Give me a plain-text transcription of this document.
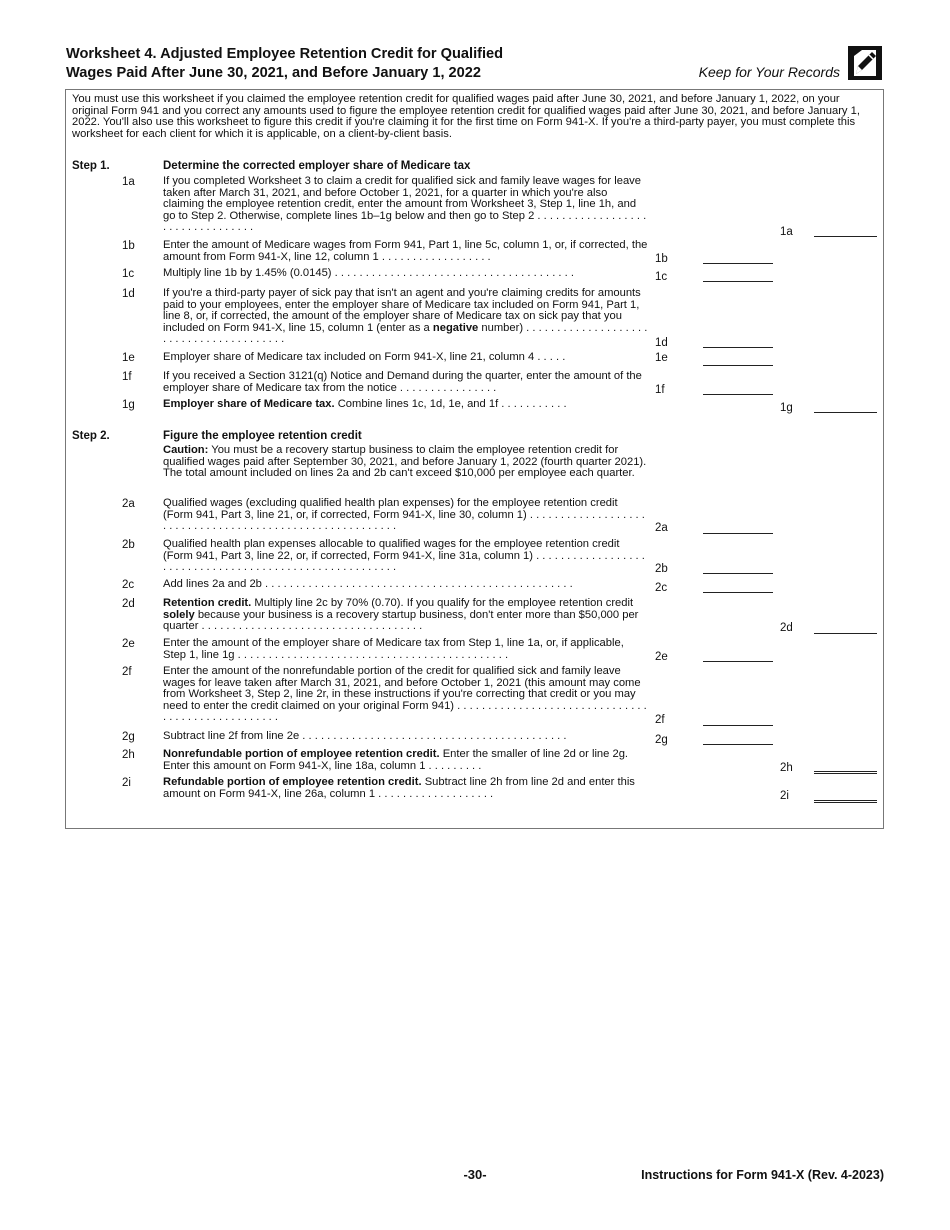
Worksheet 4. Adjusted Employee Retention Credit for Qualified
Wages Paid After June 30, 2021, and Before January 1, 2022	Keep for Your Records
You must use this worksheet if you claimed the employee retention credit for qualified wages paid after June 30, 2021, and before January 1, 2022, on your original Form 941 and you correct any amounts used to figure the employee retention credit for qualified wages paid after June 30, 2021, and before January 1, 2022. You'll also use this worksheet to figure this credit if you're claiming it for the first time on Form 941-X. If you're a third-party payer, you must complete this worksheet for each client for which it is applicable, on a client-by-client basis.
Step 1.	Determine the corrected employer share of Medicare tax
1a	If you completed Worksheet 3 to claim a credit for qualified sick and family leave wages for leave taken after March 31, 2021, and before October 1, 2021, for a quarter in which you're also claiming the employee retention credit, enter the amount from Worksheet 3, Step 1, line 1h, and go to Step 2. Otherwise, complete lines 1b–1g below and then go to Step 2 . . . . . . . . . . . . . . . . . . . . . . . . . . . . . . . . .	1a
1b	Enter the amount of Medicare wages from Form 941, Part 1, line 5c, column 1, or, if corrected, the amount from Form 941-X, line 12, column 1 . . . . . . . . . . . . . . . . . .	1b
1c	Multiply line 1b by 1.45% (0.0145) . . . . . . . . . . . . . . . . . . . . . . . . . . . . . . . . . . . . . . .	1c
1d	If you're a third-party payer of sick pay that isn't an agent and you're claiming credits for amounts paid to your employees, enter the employer share of Medicare tax included on Form 941, Part 1, line 8, or, if corrected, the amount of the employer share of Medicare tax on sick pay that you included on Form 941-X, line 15, column 1 (enter as a negative number) . . . . . . . . . . . . . . . . . . . . . . . . . . . . . . . . . . . . . . . .	1d
1e	Employer share of Medicare tax included on Form 941-X, line 21, column 4 . . . . .	1e
1f	If you received a Section 3121(q) Notice and Demand during the quarter, enter the amount of the employer share of Medicare tax from the notice . . . . . . . . . . . . . . . .	1f
1g	Employer share of Medicare tax. Combine lines 1c, 1d, 1e, and 1f . . . . . . . . . . .	1g
Step 2.	Figure the employee retention credit
Caution: You must be a recovery startup business to claim the employee retention credit for qualified wages paid after September 30, 2021, and before January 1, 2022 (fourth quarter 2021). The total amount included on lines 2a and 2b can't exceed $10,000 per employee each quarter.
2a	Qualified wages (excluding qualified health plan expenses) for the employee retention credit (Form 941, Part 3, line 21, or, if corrected, Form 941-X, line 30, column 1) . . . . . . . . . . . . . . . . . . . . . . . . . . . . . . . . . . . . . . . . . . . . . . . . . . . . . . . . .	2a
2b	Qualified health plan expenses allocable to qualified wages for the employee retention credit (Form 941, Part 3, line 22, or, if corrected, Form 941-X, line 31a, column 1) . . . . . . . . . . . . . . . . . . . . . . . . . . . . . . . . . . . . . . . . . . . . . . . . . . . . . . . .	2b
2c	Add lines 2a and 2b . . . . . . . . . . . . . . . . . . . . . . . . . . . . . . . . . . . . . . . . . . . . . . . . . .	2c
2d	Retention credit. Multiply line 2c by 70% (0.70). If you qualify for the employee retention credit solely because your business is a recovery startup business, don't enter more than $50,000 per quarter . . . . . . . . . . . . . . . . . . . . . . . . . . . . . . . . . . . .	2d
2e	Enter the amount of the employer share of Medicare tax from Step 1, line 1a, or, if applicable, Step 1, line 1g . . . . . . . . . . . . . . . . . . . . . . . . . . . . . . . . . . . . . . . . . . . .	2e
2f	Enter the amount of the nonrefundable portion of the credit for qualified sick and family leave wages for leave taken after March 31, 2021, and before October 1, 2021 (this amount may come from Worksheet 3, Step 2, line 2r, in these instructions if you're correcting that credit or you may need to enter the credit claimed on your original Form 941) . . . . . . . . . . . . . . . . . . . . . . . . . . . . . . . . . . . . . . . . . . . . . . . . . .	2f
2g	Subtract line 2f from line 2e . . . . . . . . . . . . . . . . . . . . . . . . . . . . . . . . . . . . . . . . . . .	2g
2h	Nonrefundable portion of employee retention credit. Enter the smaller of line 2d or line 2g. Enter this amount on Form 941-X, line 18a, column 1 . . . . . . . . .	2h
2i	Refundable portion of employee retention credit. Subtract line 2h from line 2d and enter this amount on Form 941-X, line 26a, column 1 . . . . . . . . . . . . . . . . . . .	2i
-30-	Instructions for Form 941-X (Rev. 4-2023)
